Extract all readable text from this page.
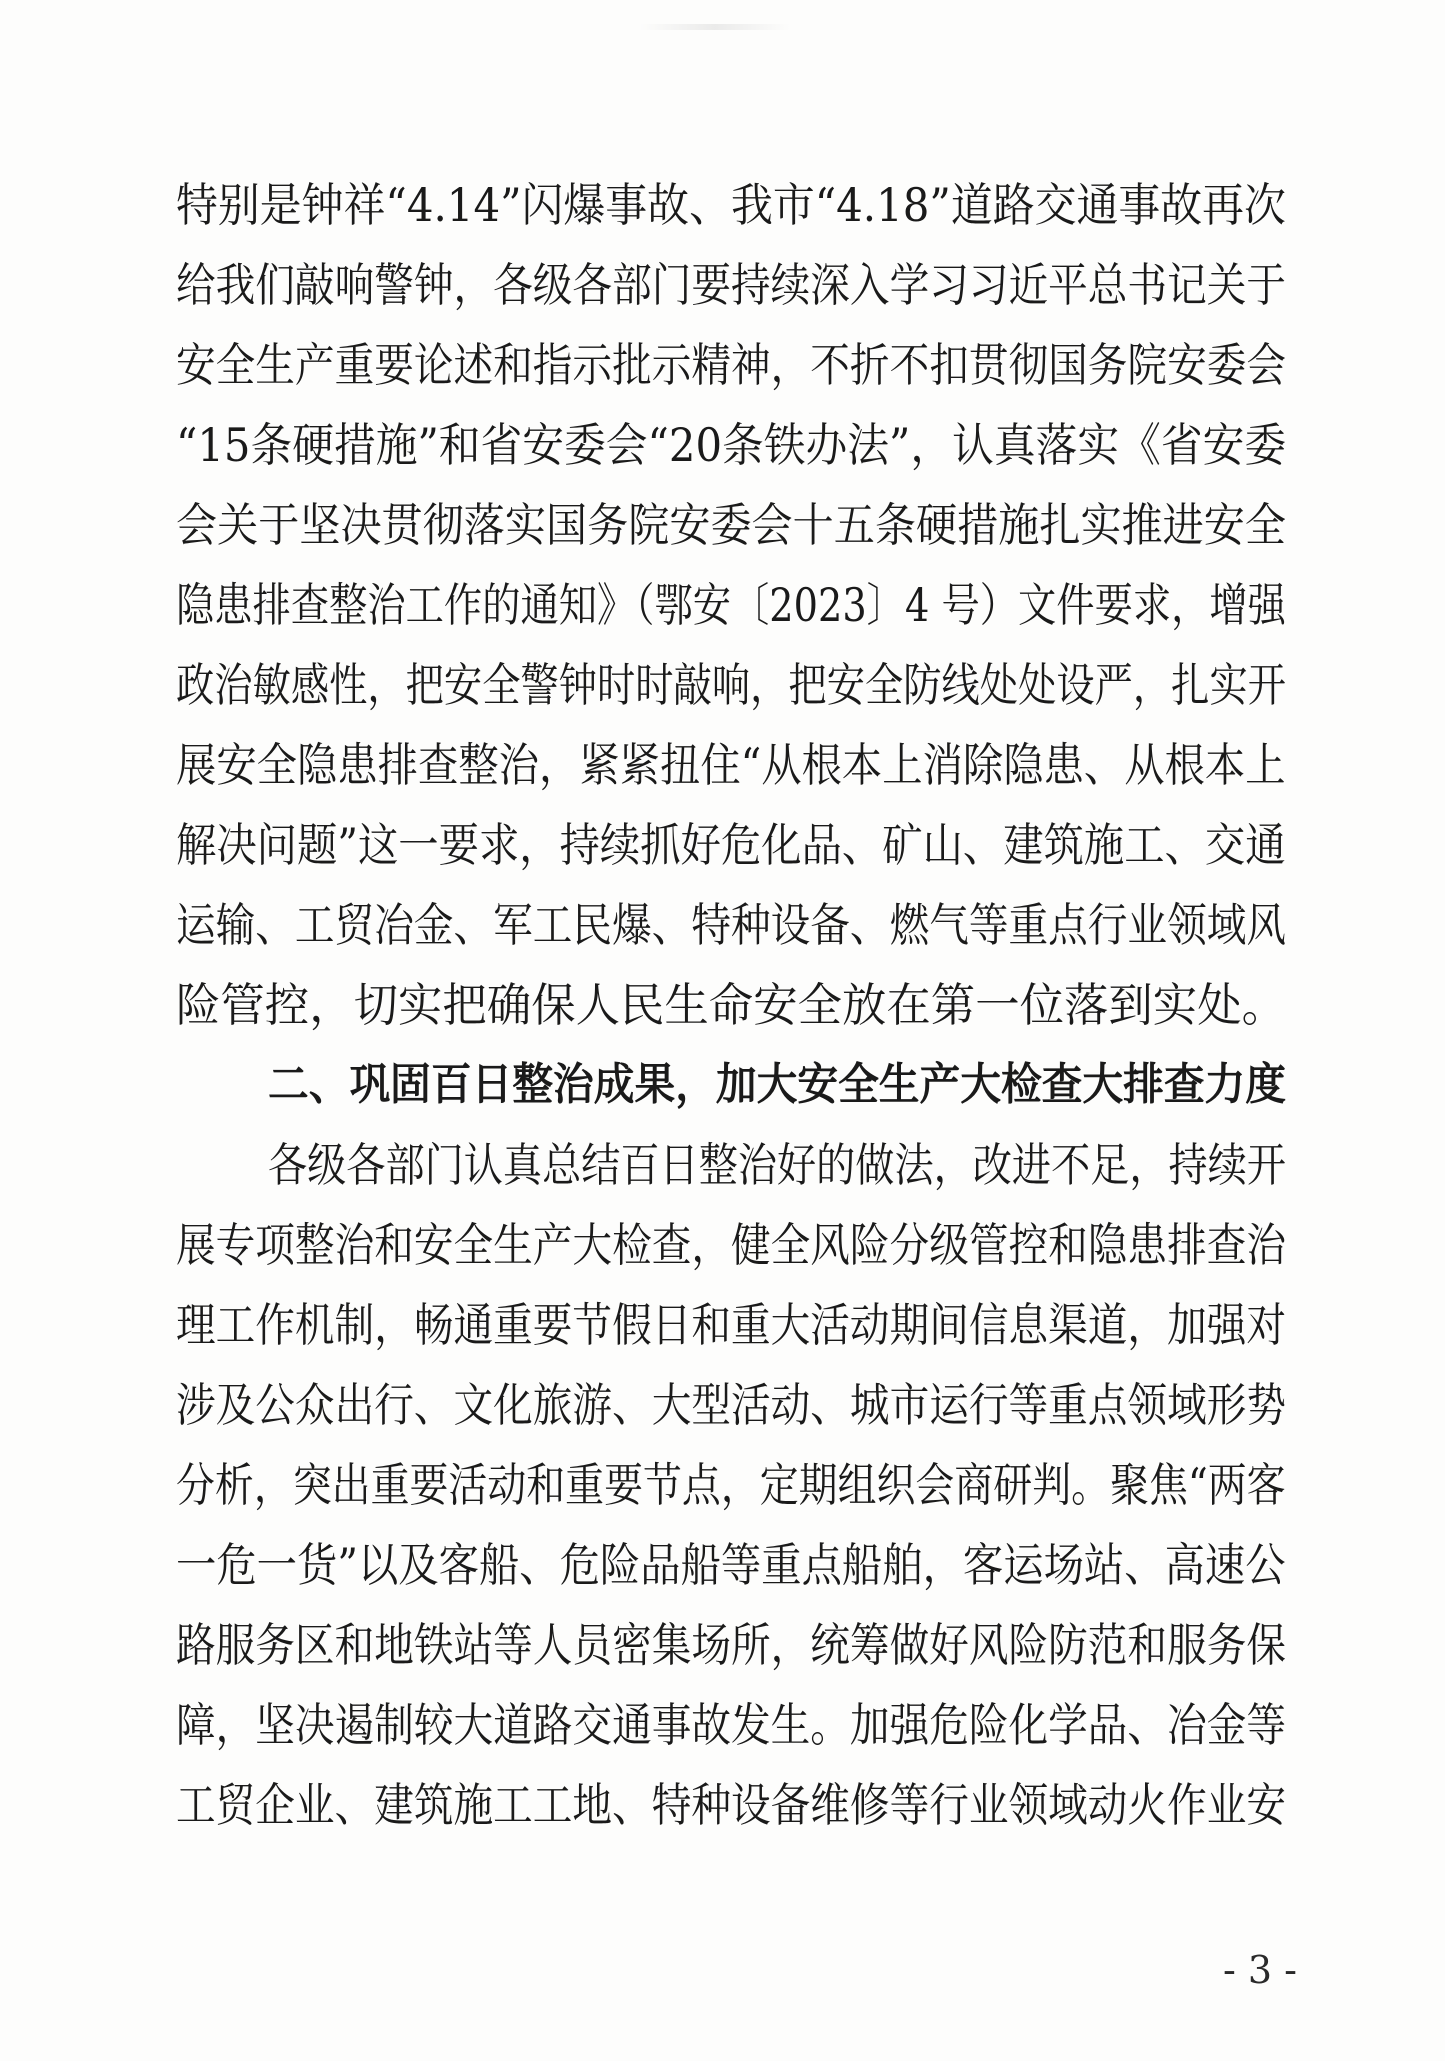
特别是钟祥“4.14”闪爆事故、我市“4.18”道路交通事故再次
给我们敲响警钟，各级各部门要持续深入学习习近平总书记关于
安全生产重要论述和指示批示精神，不折不扣贯彻国务院安委会
“15条硬措施”和省安委会“20条铁办法”，认真落实《省安委
会关于坚决贯彻落实国务院安委会十五条硬措施扎实推进安全
隐患排查整治工作的通知》（鄂安〔2023〕4 号）文件要求，增强
政治敏感性，把安全警钟时时敲响，把安全防线处处设严，扎实开
展安全隐患排查整治，紧紧扭住“从根本上消除隐患、从根本上
解决问题”这一要求，持续抓好危化品、矿山、建筑施工、交通
运输、工贸冶金、军工民爆、特种设备、燃气等重点行业领域风
险管控，切实把确保人民生命安全放在第一位落到实处。
二、巩固百日整治成果，加大安全生产大检查大排查力度
各级各部门认真总结百日整治好的做法，改进不足，持续开
展专项整治和安全生产大检查，健全风险分级管控和隐患排查治
理工作机制，畅通重要节假日和重大活动期间信息渠道，加强对
涉及公众出行、文化旅游、大型活动、城市运行等重点领域形势
分析，突出重要活动和重要节点，定期组织会商研判。聚焦“两客
一危一货”以及客船、危险品船等重点船舶，客运场站、高速公
路服务区和地铁站等人员密集场所，统筹做好风险防范和服务保
障，坚决遏制较大道路交通事故发生。加强危险化学品、冶金等
工贸企业、建筑施工工地、特种设备维修等行业领域动火作业安
- 3 -
